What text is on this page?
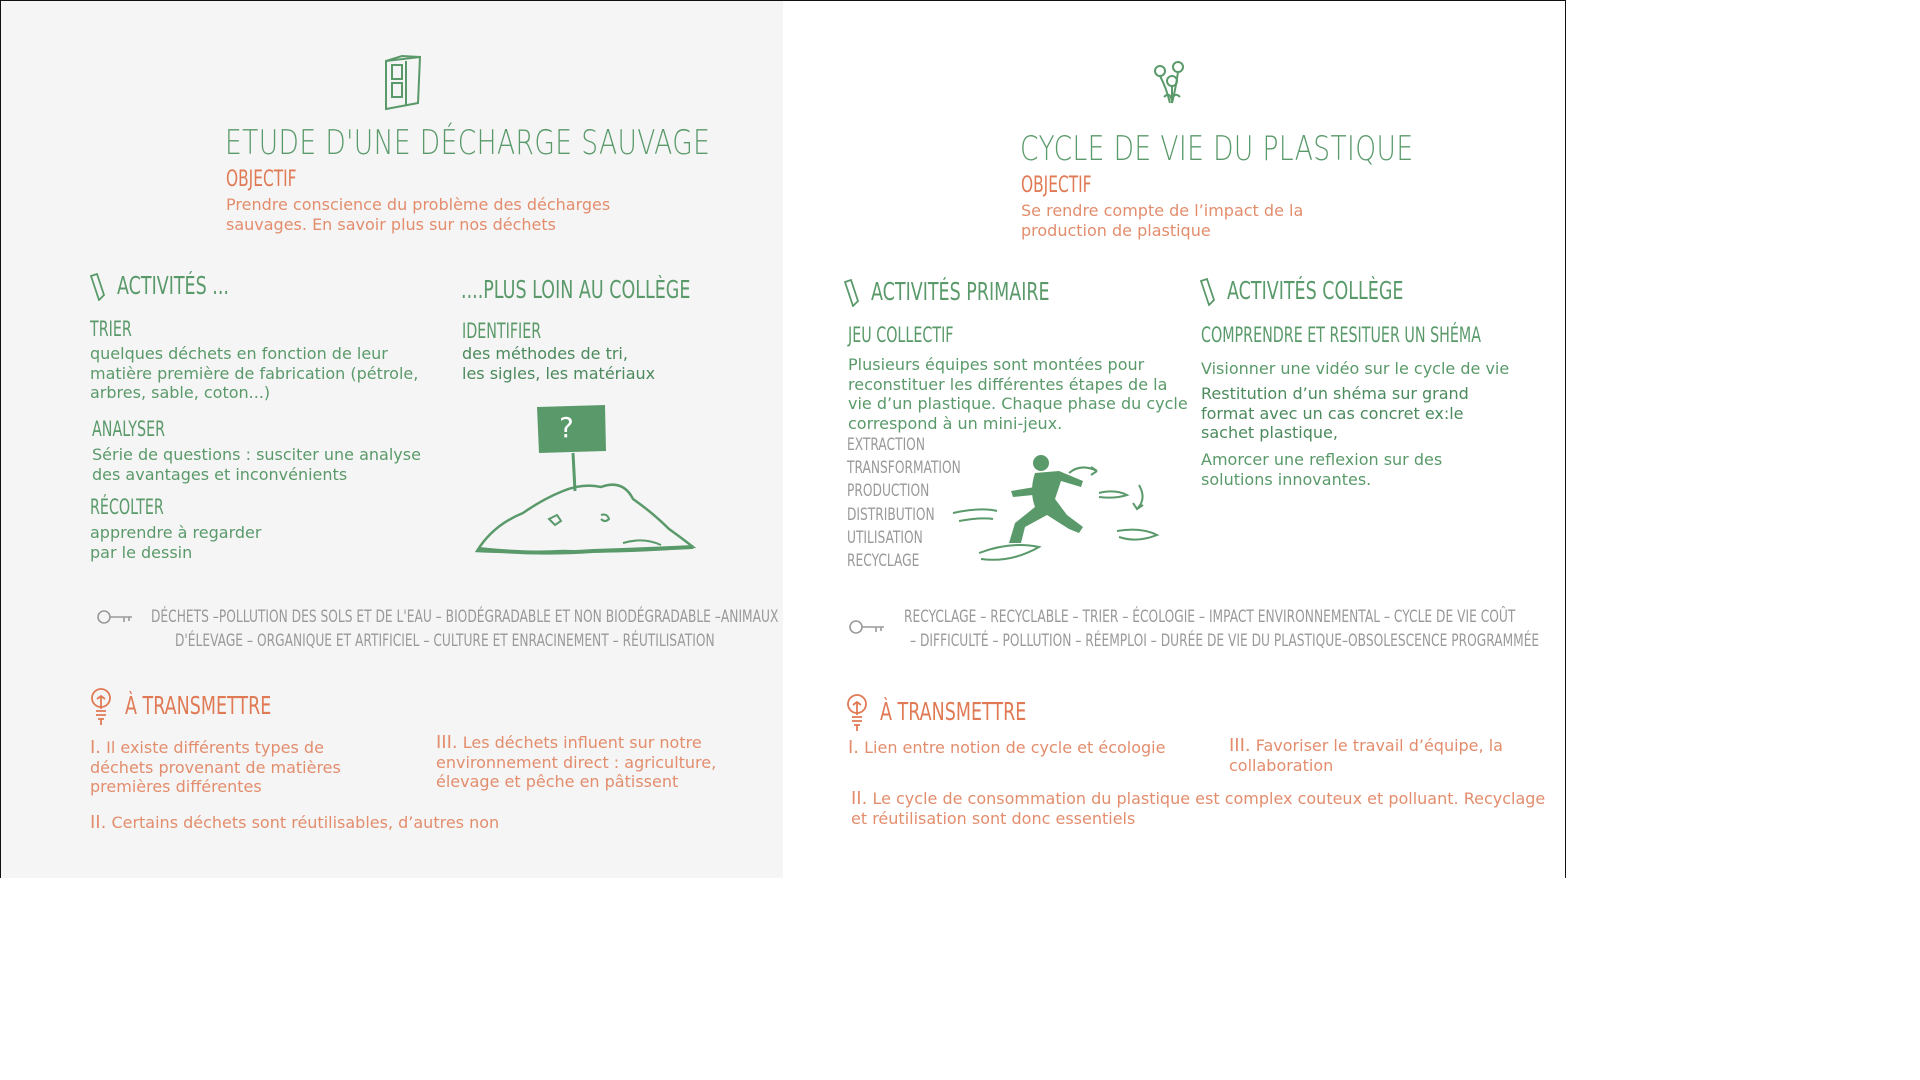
ETUDE D'UNE DÉCHARGE SAUVAGE
OBJECTIF
Prendre conscience du problème des décharges
sauvages. En savoir plus sur nos déchets
ACTIVITÉS ...	....PLUS LOIN AU COLLÈGE
TRIER
quelques déchets en fonction de leur
matière première de fabrication (pétrole,
arbres, sable, coton...)
ANALYSER
Série de questions : susciter une analyse
des avantages et inconvénients
RÉCOLTER
apprendre à regarder
par le dessin
IDENTIFIER
des méthodes de tri,
les sigles, les matériaux
?
DÉCHETS –POLLUTION DES SOLS ET DE L'EAU – BIODÉGRADABLE ET NON BIODÉGRADABLE –ANIMAUX
D'ÉLEVAGE – ORGANIQUE ET ARTIFICIEL – CULTURE ET ENRACINEMENT – RÉUTILISATION
À TRANSMETTRE
I. Il existe différents types de
déchets provenant de matières
premières différentes
II. Certains déchets sont réutilisables, d’autres non
III. Les déchets influent sur notre
environnement direct : agriculture,
élevage et pêche en pâtissent
CYCLE DE VIE DU PLASTIQUE
OBJECTIF
Se rendre compte de l’impact de la
production de plastique
ACTIVITÉS PRIMAIRE	ACTIVITÉS COLLÈGE
JEU COLLECTIF
Plusieurs équipes sont montées pour
reconstituer les différentes étapes de la
vie d’un plastique. Chaque phase du cycle
correspond à un mini-jeux.
EXTRACTION
TRANSFORMATION
PRODUCTION
DISTRIBUTION
UTILISATION
RECYCLAGE
COMPRENDRE ET RESITUER UN SHÉMA
Visionner une vidéo sur le cycle de vie
Restitution d’un shéma sur grand
format avec un cas concret ex:le
sachet plastique,
Amorcer une reflexion sur des
solutions innovantes.
RECYCLAGE – RECYCLABLE – TRIER – ÉCOLOGIE – IMPACT ENVIRONNEMENTAL – CYCLE DE VIE COÛT
– DIFFICULTÉ – POLLUTION – RÉEMPLOI – DURÉE DE VIE DU PLASTIQUE–OBSOLESCENCE PROGRAMMÉE
À TRANSMETTRE
I. Lien entre notion de cycle et écologie
II. Le cycle de consommation du plastique est complex couteux et polluant. Recyclage
et réutilisation sont donc essentiels
III. Favoriser le travail d’équipe, la
collaboration
